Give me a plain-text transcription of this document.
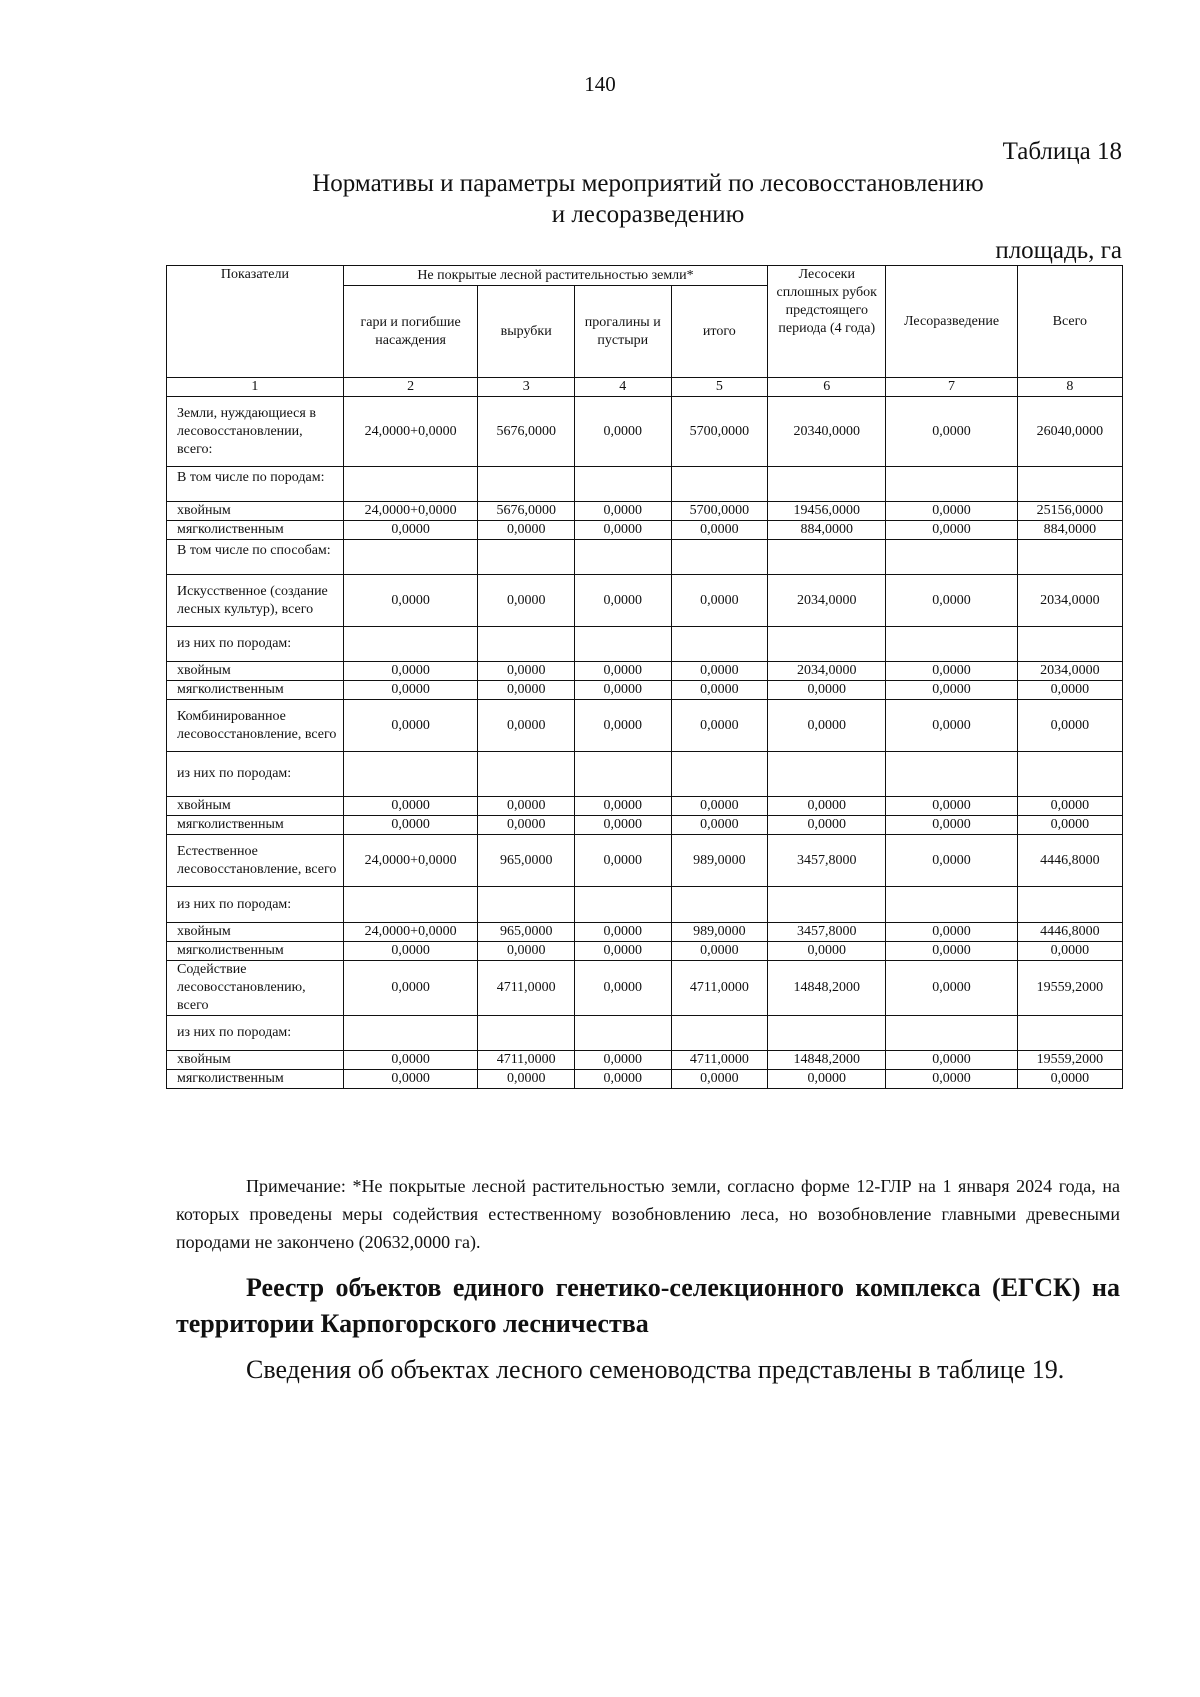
140
Таблица 18
Нормативы и параметры мероприятий по лесовосстановлению
и лесоразведению
площадь, га
Показатели	Не покрытые лесной растительностью земли*				Лесосеки сплошных рубок предстоящего периода (4 года)	Лесоразведение	Всего
	гари и погибшие насаждения	вырубки	прогалины и пустыри	итого			
1	2	3	4	5	6	7	8
Земли, нуждающиеся в лесовосстановлении, всего:	24,0000+0,0000	5676,0000	0,0000	5700,0000	20340,0000	0,0000	26040,0000
В том числе по породам:							
хвойным	24,0000+0,0000	5676,0000	0,0000	5700,0000	19456,0000	0,0000	25156,0000
мягколиственным	0,0000	0,0000	0,0000	0,0000	884,0000	0,0000	884,0000
В том числе по способам:							
Искусственное (создание лесных культур), всего	0,0000	0,0000	0,0000	0,0000	2034,0000	0,0000	2034,0000
из них по породам:							
хвойным	0,0000	0,0000	0,0000	0,0000	2034,0000	0,0000	2034,0000
мягколиственным	0,0000	0,0000	0,0000	0,0000	0,0000	0,0000	0,0000
Комбинированное лесовосстановление, всего	0,0000	0,0000	0,0000	0,0000	0,0000	0,0000	0,0000
из них по породам:							
хвойным	0,0000	0,0000	0,0000	0,0000	0,0000	0,0000	0,0000
мягколиственным	0,0000	0,0000	0,0000	0,0000	0,0000	0,0000	0,0000
Естественное лесовосстановление, всего	24,0000+0,0000	965,0000	0,0000	989,0000	3457,8000	0,0000	4446,8000
из них по породам:							
хвойным	24,0000+0,0000	965,0000	0,0000	989,0000	3457,8000	0,0000	4446,8000
мягколиственным	0,0000	0,0000	0,0000	0,0000	0,0000	0,0000	0,0000
Содействие лесовосстановлению, всего	0,0000	4711,0000	0,0000	4711,0000	14848,2000	0,0000	19559,2000
из них по породам:							
хвойным	0,0000	4711,0000	0,0000	4711,0000	14848,2000	0,0000	19559,2000
мягколиственным	0,0000	0,0000	0,0000	0,0000	0,0000	0,0000	0,0000
Примечание: *Не покрытые лесной растительностью земли, согласно форме 12-ГЛР на 1 января 2024 года, на которых проведены меры содействия естественному возобновлению леса, но возобновление главными древесными породами не закончено (20632,0000 га).
Реестр объектов единого генетико-селекционного комплекса (ЕГСК) на территории Карпогорского лесничества
Сведения об объектах лесного семеноводства представлены в таблице 19.
